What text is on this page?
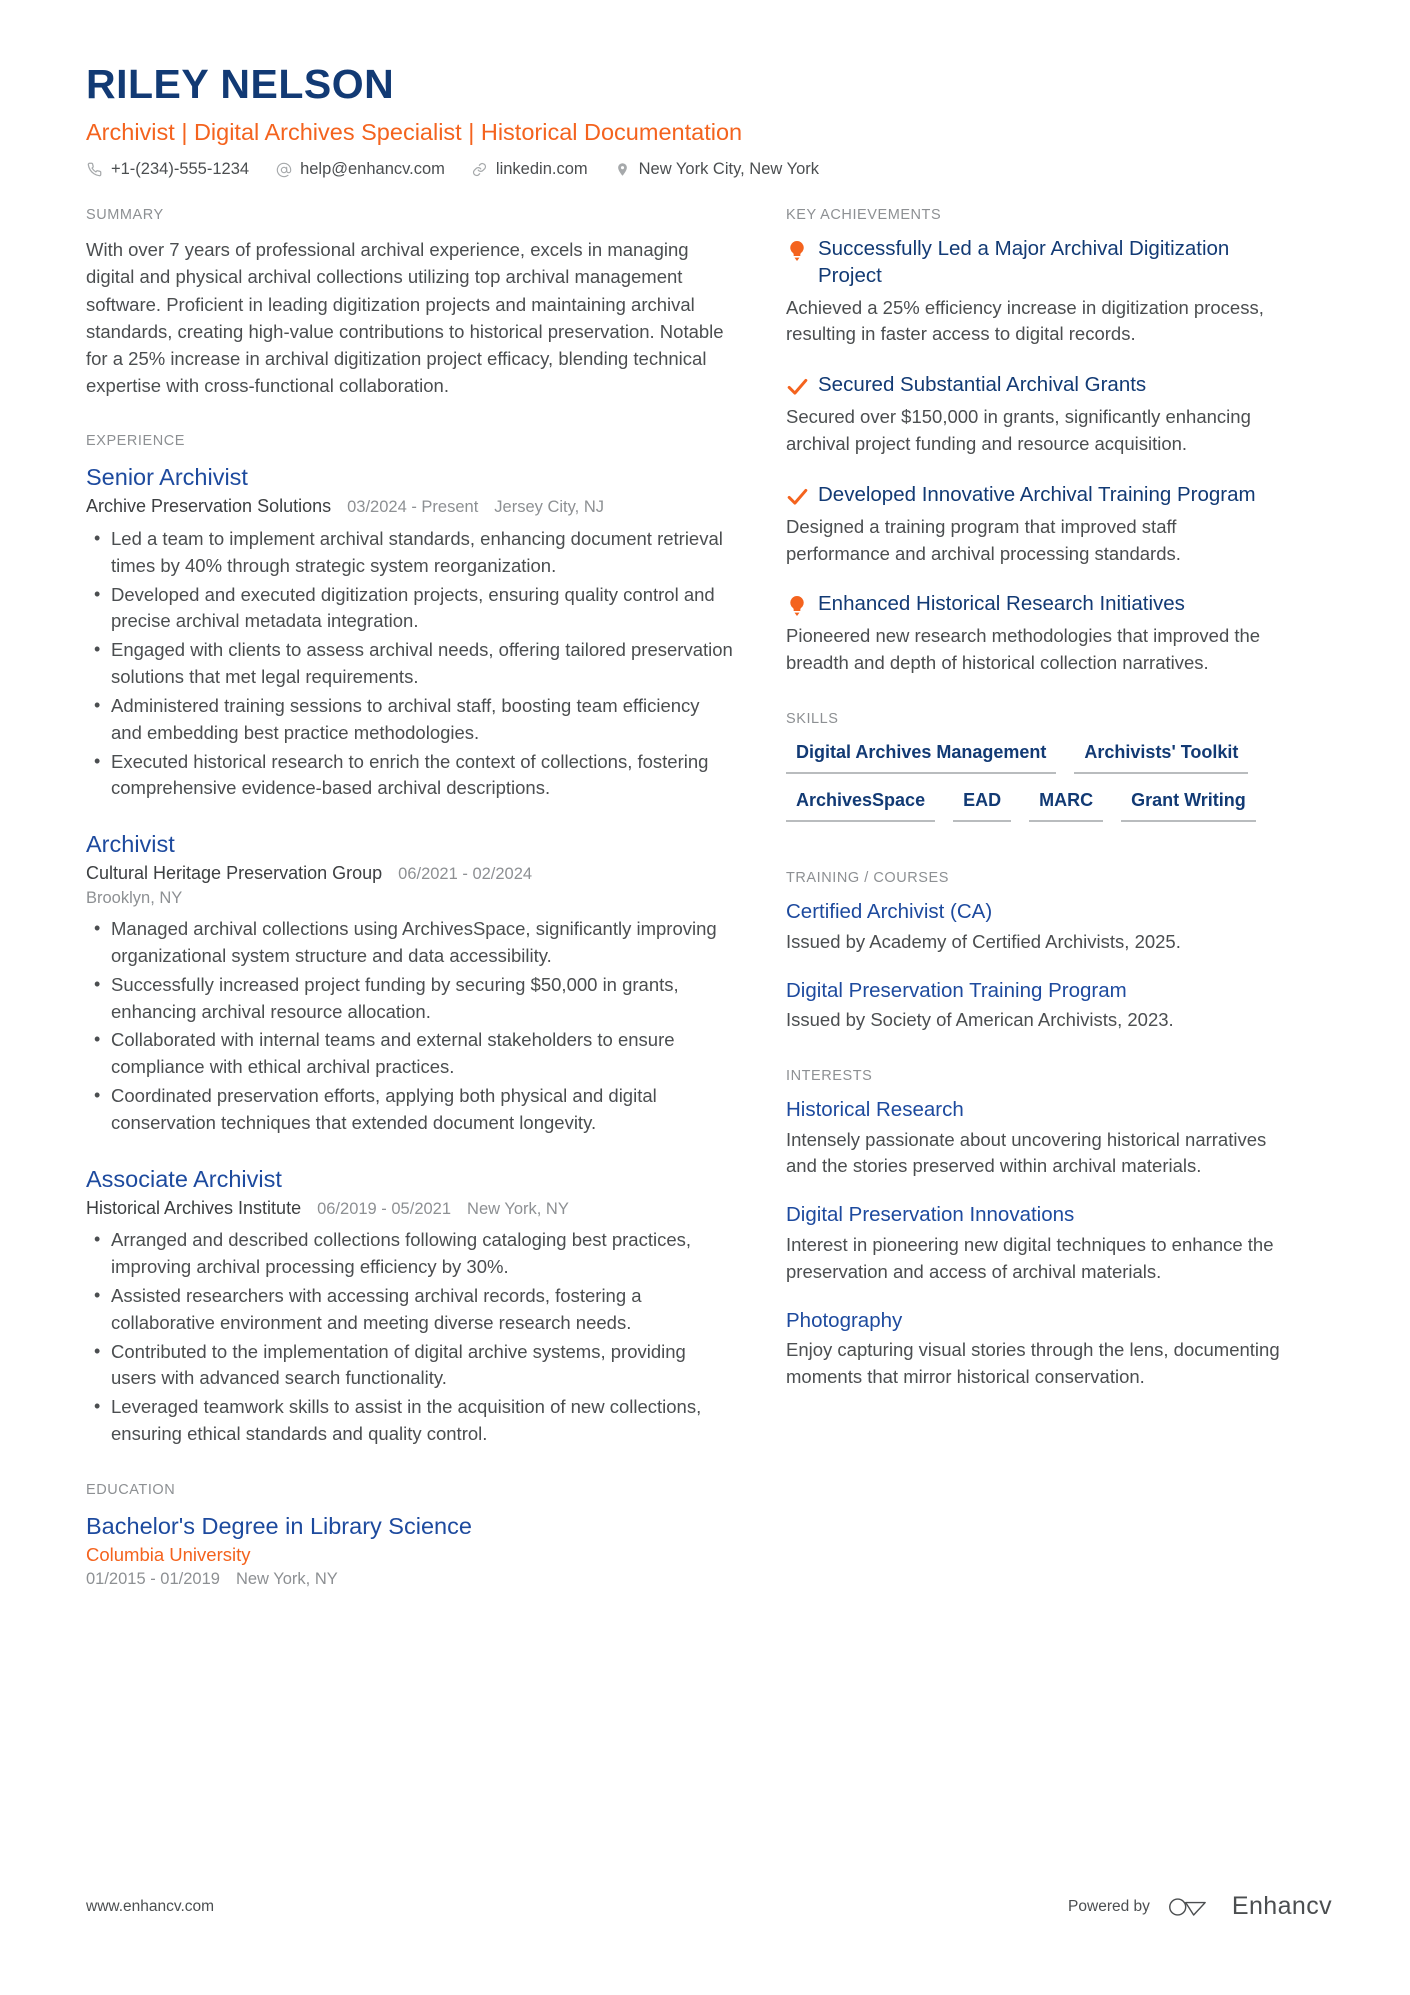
RILEY NELSON
Archivist | Digital Archives Specialist | Historical Documentation
+1-(234)-555-1234	help@enhancv.com	linkedin.com	New York City, New York
SUMMARY
With over 7 years of professional archival experience, excels in managing digital and physical archival collections utilizing top archival management software. Proficient in leading digitization projects and maintaining archival standards, creating high-value contributions to historical preservation. Notable for a 25% increase in archival digitization project efficacy, blending technical expertise with cross-functional collaboration.
EXPERIENCE
Senior Archivist
Archive Preservation Solutions 03/2024 - Present Jersey City, NJ
• Led a team to implement archival standards, enhancing document retrieval times by 40% through strategic system reorganization.
• Developed and executed digitization projects, ensuring quality control and precise archival metadata integration.
• Engaged with clients to assess archival needs, offering tailored preservation solutions that met legal requirements.
• Administered training sessions to archival staff, boosting team efficiency and embedding best practice methodologies.
• Executed historical research to enrich the context of collections, fostering comprehensive evidence-based archival descriptions.
Archivist
Cultural Heritage Preservation Group 06/2021 - 02/2024
Brooklyn, NY
• Managed archival collections using ArchivesSpace, significantly improving organizational system structure and data accessibility.
• Successfully increased project funding by securing $50,000 in grants, enhancing archival resource allocation.
• Collaborated with internal teams and external stakeholders to ensure compliance with ethical archival practices.
• Coordinated preservation efforts, applying both physical and digital conservation techniques that extended document longevity.
Associate Archivist
Historical Archives Institute 06/2019 - 05/2021 New York, NY
• Arranged and described collections following cataloging best practices, improving archival processing efficiency by 30%.
• Assisted researchers with accessing archival records, fostering a collaborative environment and meeting diverse research needs.
• Contributed to the implementation of digital archive systems, providing users with advanced search functionality.
• Leveraged teamwork skills to assist in the acquisition of new collections, ensuring ethical standards and quality control.
EDUCATION
Bachelor's Degree in Library Science
Columbia University
01/2015 - 01/2019 New York, NY
KEY ACHIEVEMENTS
Successfully Led a Major Archival Digitization Project
Achieved a 25% efficiency increase in digitization process, resulting in faster access to digital records.
Secured Substantial Archival Grants
Secured over $150,000 in grants, significantly enhancing archival project funding and resource acquisition.
Developed Innovative Archival Training Program
Designed a training program that improved staff performance and archival processing standards.
Enhanced Historical Research Initiatives
Pioneered new research methodologies that improved the breadth and depth of historical collection narratives.
SKILLS
Digital Archives Management	Archivists' Toolkit
ArchivesSpace	EAD	MARC	Grant Writing
TRAINING / COURSES
Certified Archivist (CA)
Issued by Academy of Certified Archivists, 2025.
Digital Preservation Training Program
Issued by Society of American Archivists, 2023.
INTERESTS
Historical Research
Intensely passionate about uncovering historical narratives and the stories preserved within archival materials.
Digital Preservation Innovations
Interest in pioneering new digital techniques to enhance the preservation and access of archival materials.
Photography
Enjoy capturing visual stories through the lens, documenting moments that mirror historical conservation.
www.enhancv.com	Powered by	Enhancv
